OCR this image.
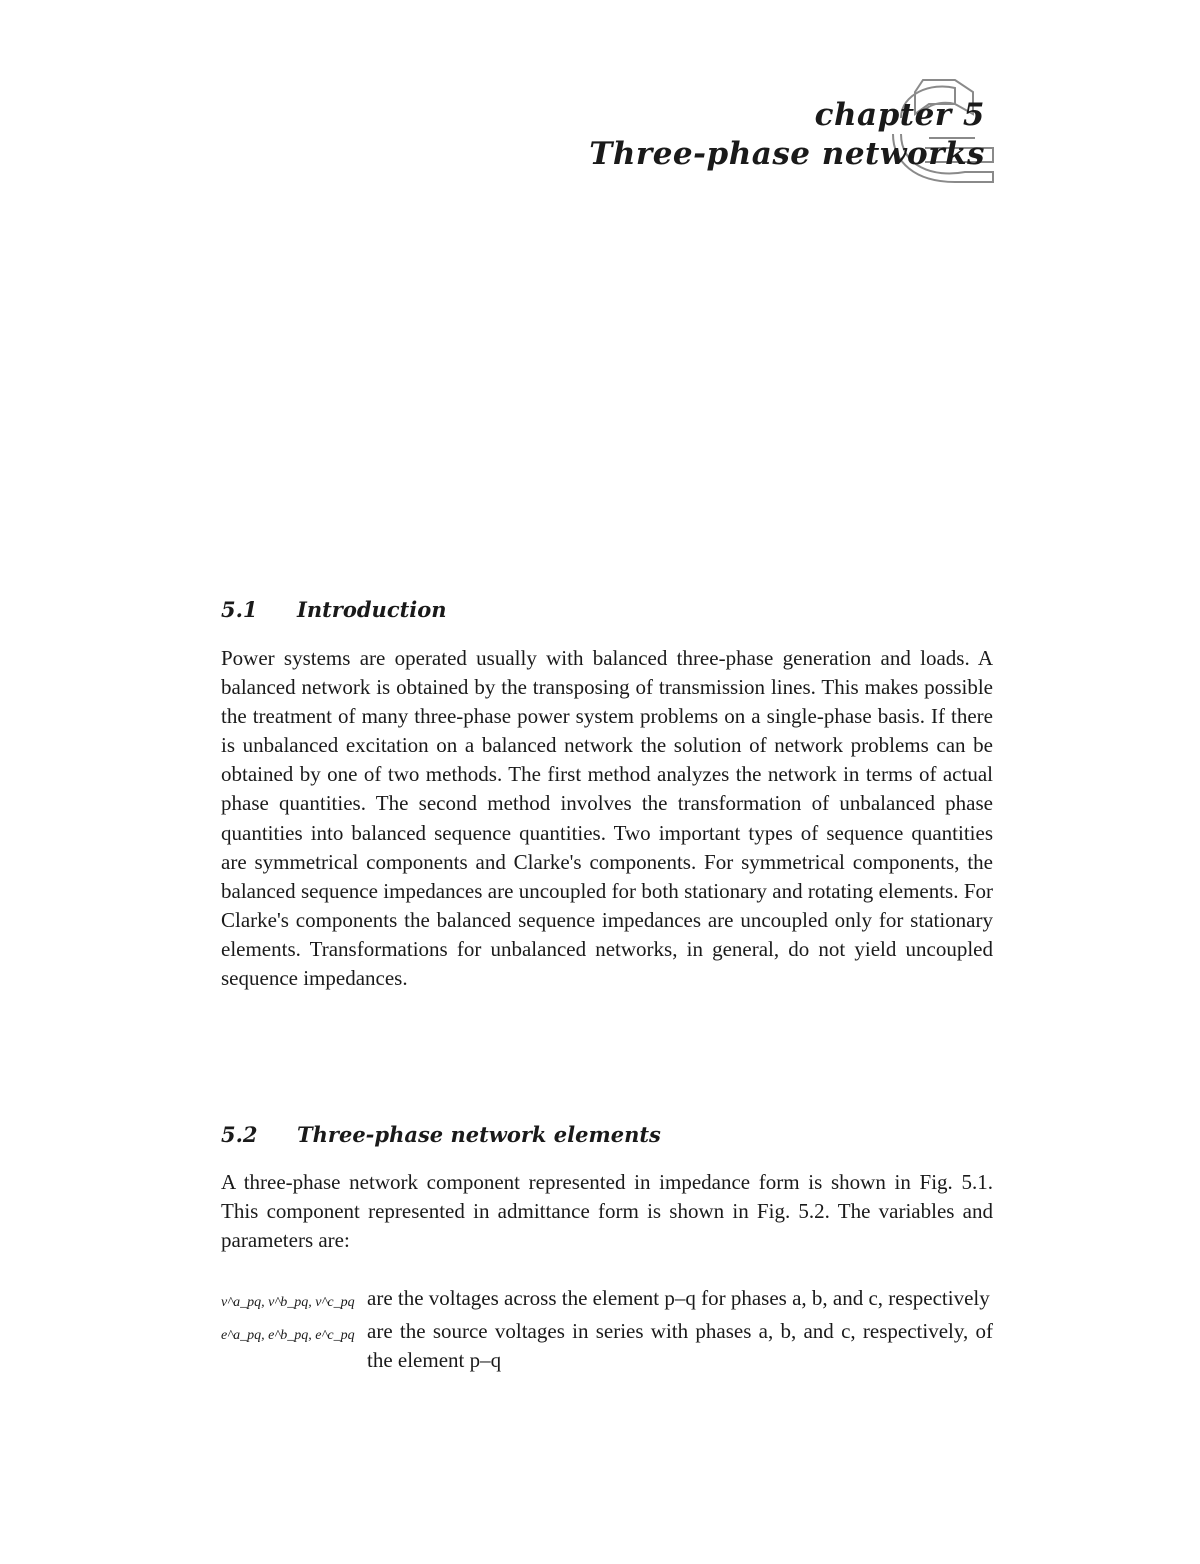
chapter 5
Three-phase networks
5.1 Introduction
Power systems are operated usually with balanced three-phase generation and loads. A balanced network is obtained by the transposing of transmission lines. This makes possible the treatment of many three-phase power system problems on a single-phase basis. If there is unbalanced excitation on a balanced network the solution of network problems can be obtained by one of two methods. The first method analyzes the network in terms of actual phase quantities. The second method involves the transformation of unbalanced phase quantities into balanced sequence quantities. Two important types of sequence quantities are symmetrical components and Clarke's components. For symmetrical components, the balanced sequence impedances are uncoupled for both stationary and rotating elements. For Clarke's components the balanced sequence impedances are uncoupled only for stationary elements. Transformations for unbalanced networks, in general, do not yield uncoupled sequence impedances.
5.2 Three-phase network elements
A three-phase network component represented in impedance form is shown in Fig. 5.1. This component represented in admittance form is shown in Fig. 5.2. The variables and parameters are:
v^a_pq, v^b_pq, v^c_pq are the voltages across the element p–q for phases a, b, and c, respectively
e^a_pq, e^b_pq, e^c_pq are the source voltages in series with phases a, b, and c, respectively, of the element p–q
